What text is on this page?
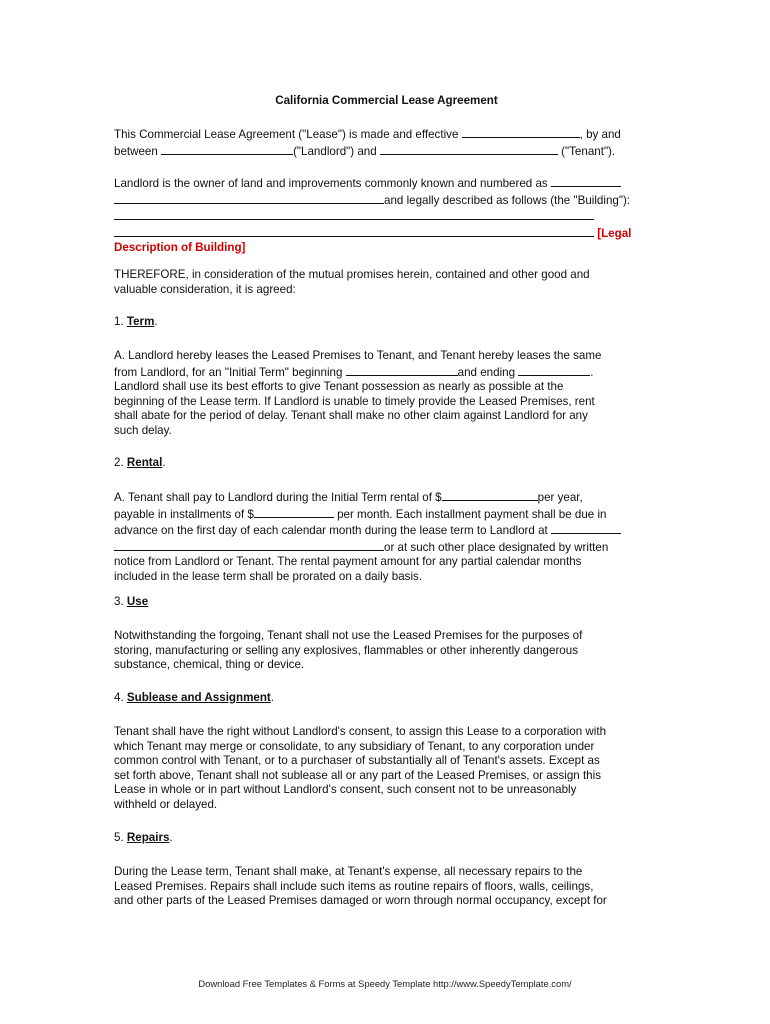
California Commercial Lease Agreement
This Commercial Lease Agreement ("Lease") is made and effective	, by and
between	("Landlord") and	("Tenant").
Landlord is the owner of land and improvements commonly known and numbered as
and legally described as follows (the "Building"):
[Legal
Description of Building]
THEREFORE, in consideration of the mutual promises herein, contained and other good and
valuable consideration, it is agreed:
1. Term.
A. Landlord hereby leases the Leased Premises to Tenant, and Tenant hereby leases the same
from Landlord, for an "Initial Term" beginning	and ending	.
Landlord shall use its best efforts to give Tenant possession as nearly as possible at the
beginning of the Lease term. If Landlord is unable to timely provide the Leased Premises, rent
shall abate for the period of delay. Tenant shall make no other claim against Landlord for any
such delay.
2. Rental.
A. Tenant shall pay to Landlord during the Initial Term rental of $	per year,
payable in installments of $	per month. Each installment payment shall be due in
advance on the first day of each calendar month during the lease term to Landlord at
or at such other place designated by written
notice from Landlord or Tenant. The rental payment amount for any partial calendar months
included in the lease term shall be prorated on a daily basis.
3. Use
Notwithstanding the forgoing, Tenant shall not use the Leased Premises for the purposes of
storing, manufacturing or selling any explosives, flammables or other inherently dangerous
substance, chemical, thing or device.
4. Sublease and Assignment.
Tenant shall have the right without Landlord's consent, to assign this Lease to a corporation with
which Tenant may merge or consolidate, to any subsidiary of Tenant, to any corporation under
common control with Tenant, or to a purchaser of substantially all of Tenant's assets. Except as
set forth above, Tenant shall not sublease all or any part of the Leased Premises, or assign this
Lease in whole or in part without Landlord's consent, such consent not to be unreasonably
withheld or delayed.
5. Repairs.
During the Lease term, Tenant shall make, at Tenant's expense, all necessary repairs to the
Leased Premises. Repairs shall include such items as routine repairs of floors, walls, ceilings,
and other parts of the Leased Premises damaged or worn through normal occupancy, except for
Download Free Templates & Forms at Speedy Template http://www.SpeedyTemplate.com/
